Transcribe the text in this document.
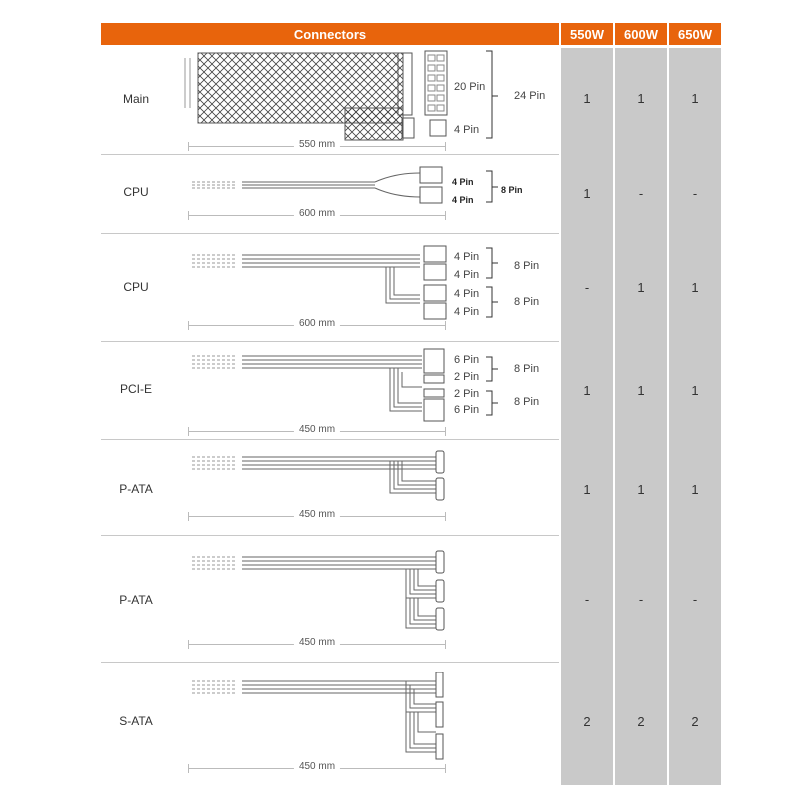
Connectors	550W	600W	650W
Main
20 Pin
4 Pin
24 Pin
550 mm
1	1	1
CPU
4 Pin
4 Pin
8 Pin
600 mm
1	-	-
CPU
4 Pin
4 Pin
4 Pin
4 Pin
8 Pin
8 Pin
600 mm
-	1	1
PCI-E
6 Pin
2 Pin
2 Pin
6 Pin
8 Pin
8 Pin
450 mm
1	1	1
P-ATA
450 mm
1	1	1
P-ATA
450 mm
-	-	-
S-ATA
450 mm
2	2	2
